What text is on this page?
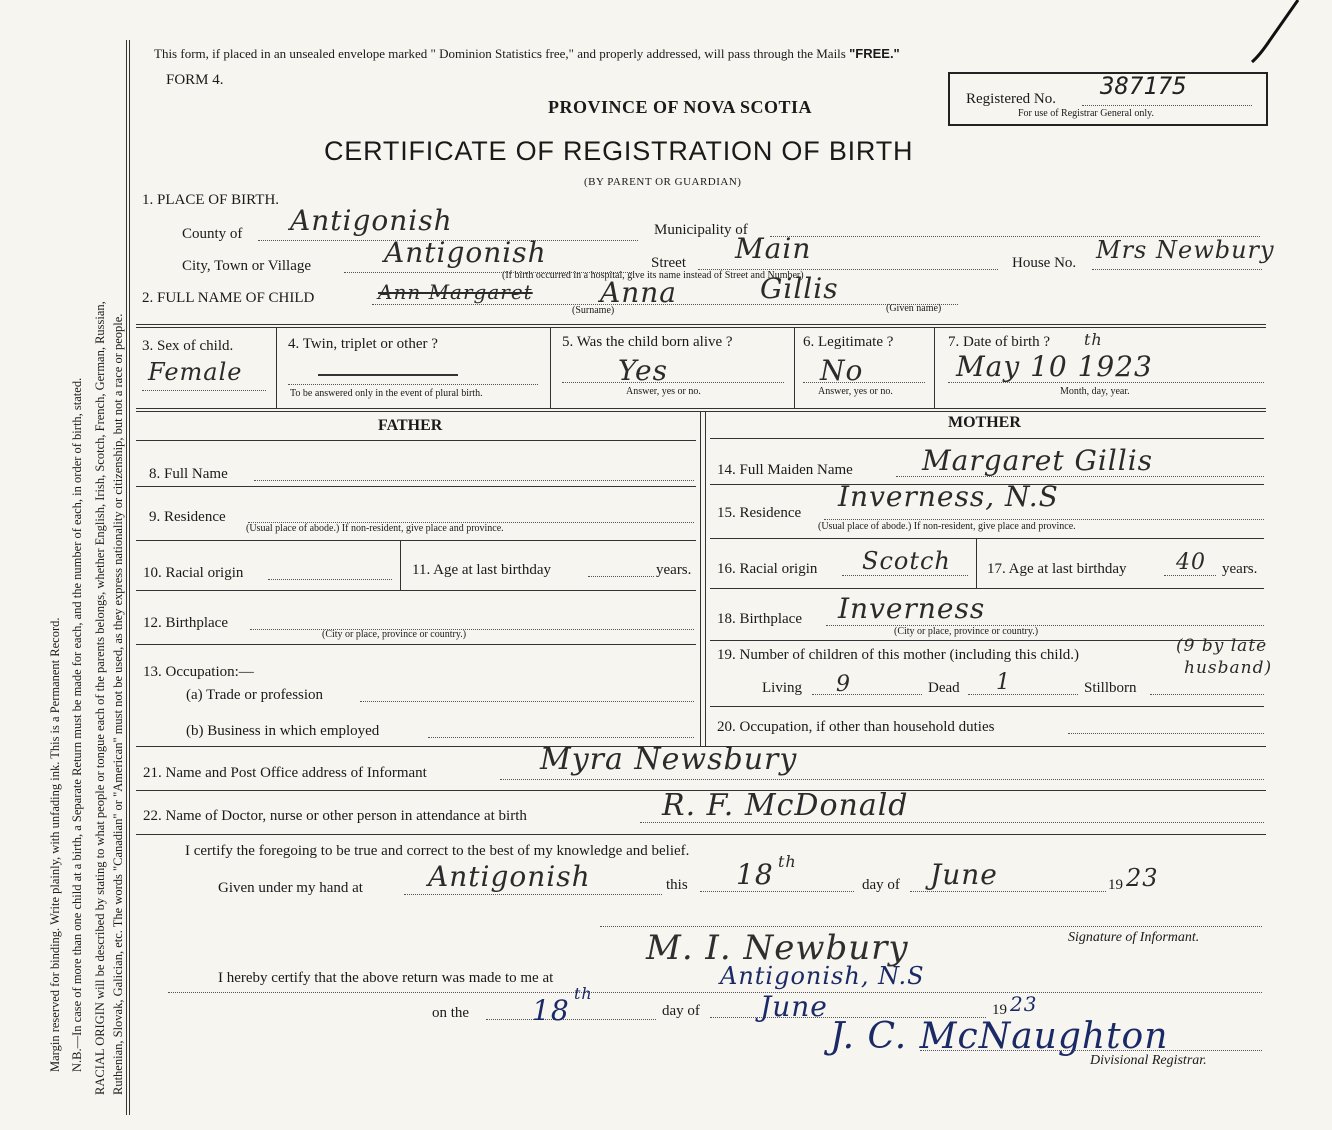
Margin reserved for binding. Write plainly, with unfading ink. This is a Permanent Record. N.B.—In case of more than one child at a birth, a Separate Return must be made for each, and the number of each, in order of birth, stated. RACIAL ORIGIN will be described by stating to what people or tongue each of the parents belongs, whether English, Irish, Scotch, French, German, Russian, Ruthenian, Slovak, Galician, etc. The words "Canadian" or "American" must not be used, as they express nationality or citizenship, but not a race or people.
This form, if placed in an unsealed envelope marked " Dominion Statistics free," and properly addressed, will pass through the Mails "FREE."
FORM 4.
PROVINCE OF NOVA SCOTIA	Registered No. 387175
For use of Registrar General only.
CERTIFICATE OF REGISTRATION OF BIRTH
(BY PARENT OR GUARDIAN)
1. PLACE OF BIRTH.
County of Antigonish	Municipality of
City, Town or Village	Antigonish	Street Main	House No. Mrs Newbury
(If birth occurred in a hospital, give its name instead of Street and Number)
2. FULL NAME OF CHILD	Ann Margaret Anna	Gillis
(Surname)	(Given name)
3. Sex of child.
Female
4. Twin, triplet or other ?
To be answered only in the event of plural birth.
5. Was the child born alive ?
Yes
Answer, yes or no.
6. Legitimate ?
No
Answer, yes or no.
7. Date of birth ? th
May 10 1923
Month, day, year.
FATHER	MOTHER
8. Full Name
9. Residence
(Usual place of abode.) If non-resident, give place and province.
10. Racial origin	11. Age at last birthday	years.
12. Birthplace
(City or place, province or country.)
13. Occupation:—
(a) Trade or profession
(b) Business in which employed
14. Full Maiden Name Margaret Gillis
15. Residence Inverness, N.S
(Usual place of abode.) If non-resident, give place and province.
16. Racial origin Scotch 17. Age at last birthday 40 years.
18. Birthplace Inverness
(City or place, province or country.)
19. Number of children of this mother (including this child.)	(9 by late
husband)
Living 9	Dead 1	Stillborn
20. Occupation, if other than household duties
21. Name and Post Office address of Informant	Myra Newsbury
22. Name of Doctor, nurse or other person in attendance at birth	R. F. McDonald
I certify the foregoing to be true and correct to the best of my knowledge and belief.
Given under my hand at Antigonish	this 18 th
day of June	19 23
Signature of Informant.
M. I. Newbury
I hereby certify that the above return was made to me at	Antigonish, N.S
on the 18
th
day of June	19 23
J. C. McNaughton
Divisional Registrar.
